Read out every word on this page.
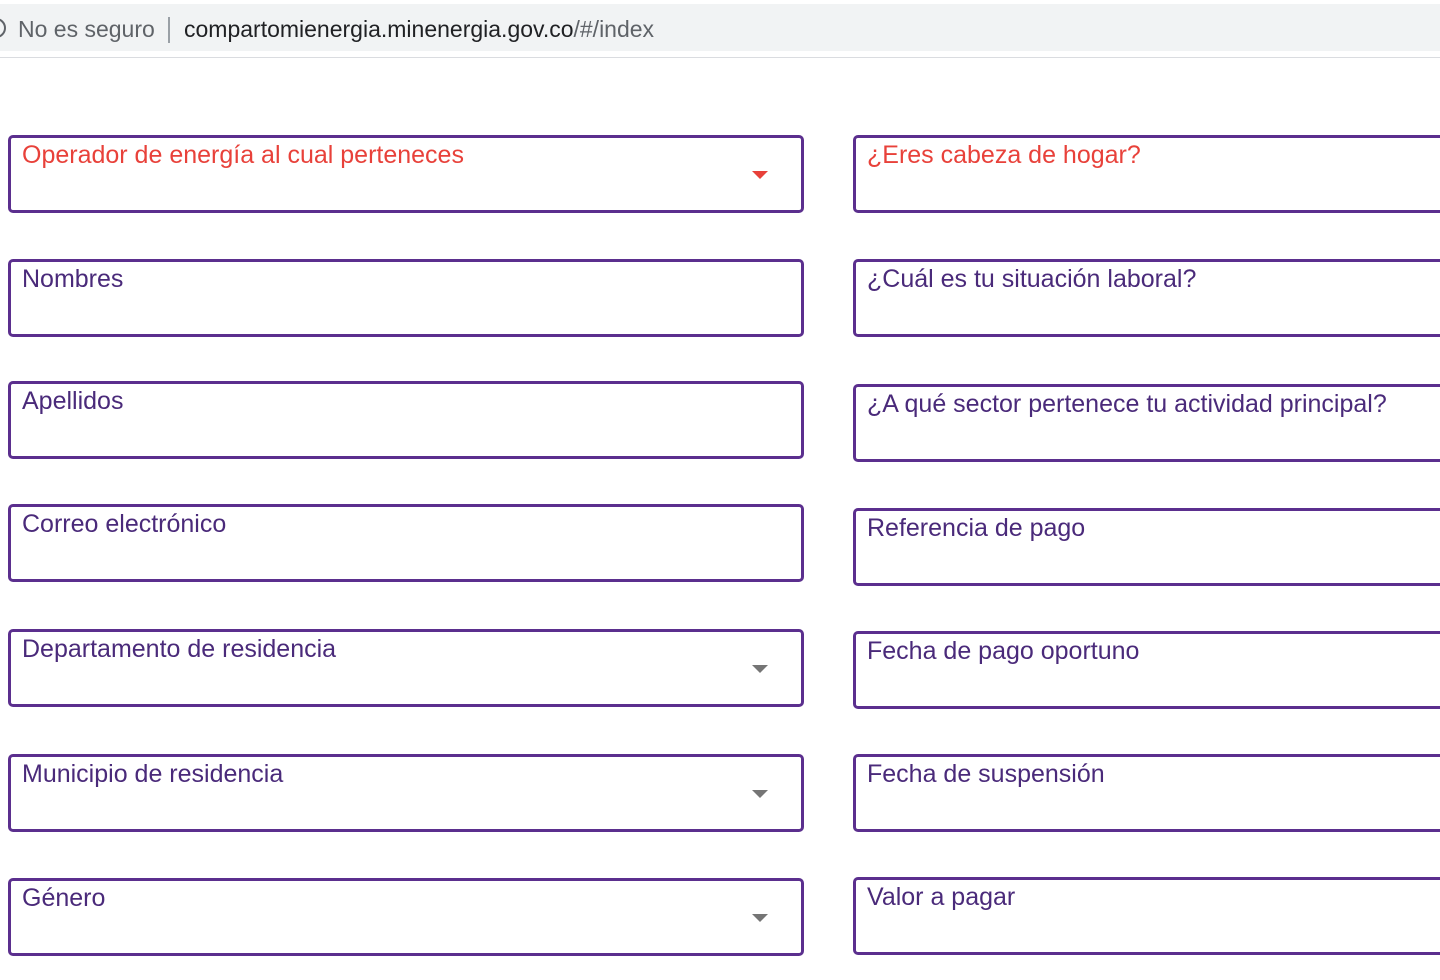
No es seguro compartomienergia.minenergia.gov.co/#/index
Operador de energía al cual perteneces
Nombres
Apellidos
Correo electrónico
Departamento de residencia
Municipio de residencia
Género
¿Eres cabeza de hogar?
¿Cuál es tu situación laboral?
¿A qué sector pertenece tu actividad principal?
Referencia de pago
Fecha de pago oportuno
Fecha de suspensión
Valor a pagar
